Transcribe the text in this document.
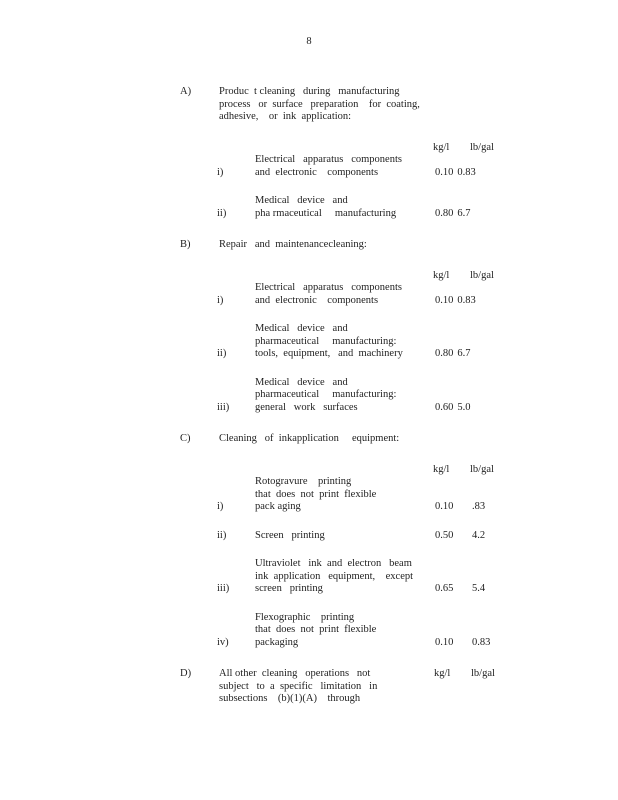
8
A)	Produc  t cleaning   during   manufacturing
process   or  surface   preparation    for  coating,
adhesive,    or  ink  application:
kg/l lb/gal
i)
Electrical   apparatus   components
and  electronic    components	0.10 0.83
ii)
Medical   device   and
pha rmaceutical     manufacturing	0.80 6.7
B)	Repair   and  maintenancecleaning:
kg/l lb/gal
i)
Electrical   apparatus   components
and  electronic    components	0.10 0.83
ii)
Medical   device   and
pharmaceutical     manufacturing:
tools,  equipment,   and  machinery	0.80 6.7
iii)
Medical   device   and
pharmaceutical     manufacturing:
general   work   surfaces	0.60 5.0
C)	Cleaning   of  inkapplication     equipment:
kg/l lb/gal
i)
Rotogravure    printing
that  does  not  print  flexible
pack aging	0.10 .83
ii)	Screen   printing	0.50 4.2
iii)
Ultraviolet   ink  and  electron   beam
ink  application   equipment,    except
screen   printing	0.65 5.4
iv)
Flexographic    printing
that  does  not  print  flexible
packaging	0.10 0.83
D)	All other  cleaning   operations   not
subject   to  a  specific   limitation   in
subsections    (b)(1)(A)    through
kg/l lb/gal
